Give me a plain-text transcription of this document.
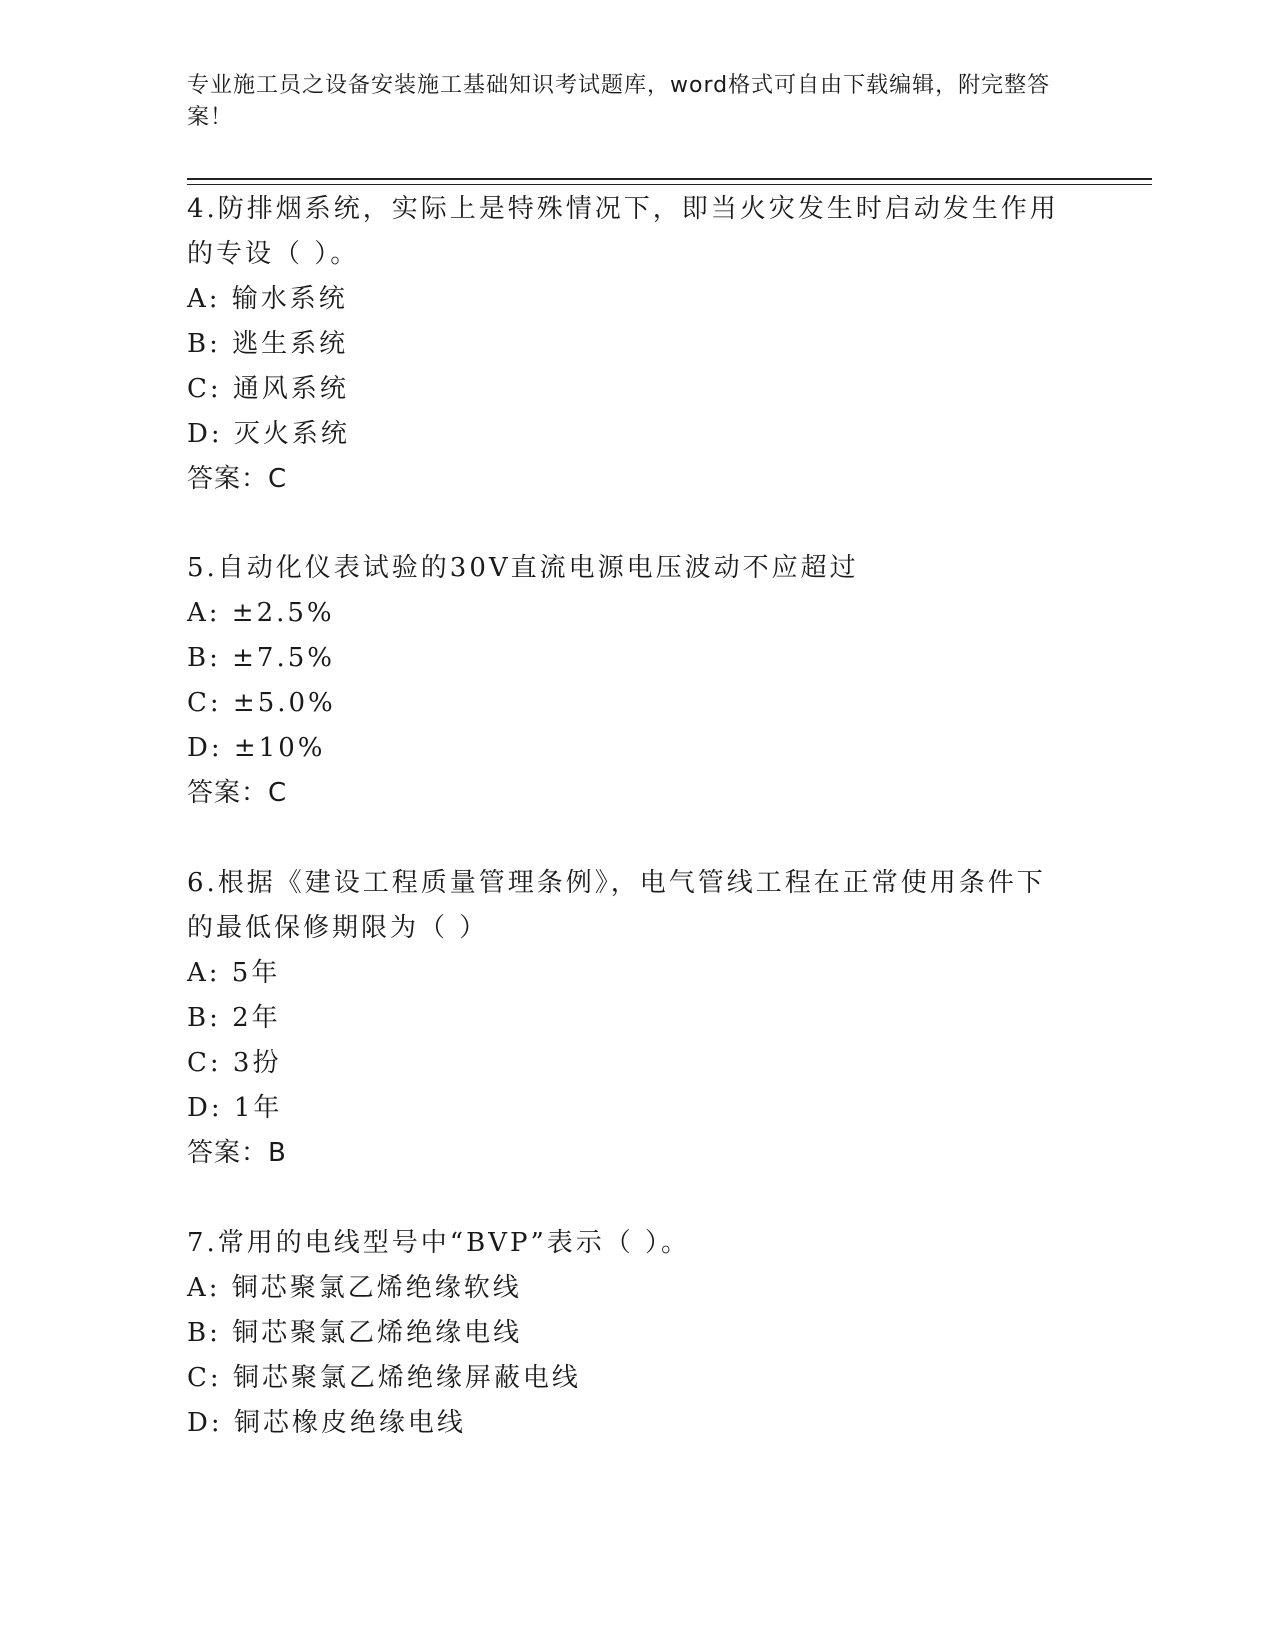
专业施工员之设备安装施工基础知识考试题库，word格式可自由下载编辑，附完整答案！
4.防排烟系统，实际上是特殊情况下，即当火灾发生时启动发生作用的专设（ ）。
A: 输水系统
B: 逃生系统
C: 通风系统
D: 灭火系统
答案：C
5.自动化仪表试验的30V直流电源电压波动不应超过
A: ±2.5%
B: ±7.5%
C: ±5.0%
D: ±10%
答案：C
6.根据《建设工程质量管理条例》，电气管线工程在正常使用条件下的最低保修期限为（ ）
A: 5年
B: 2年
C: 3扮
D: 1年
答案：B
7.常用的电线型号中“BVP”表示（ ）。
A: 铜芯聚氯乙烯绝缘软线
B: 铜芯聚氯乙烯绝缘电线
C: 铜芯聚氯乙烯绝缘屏蔽电线
D: 铜芯橡皮绝缘电线
